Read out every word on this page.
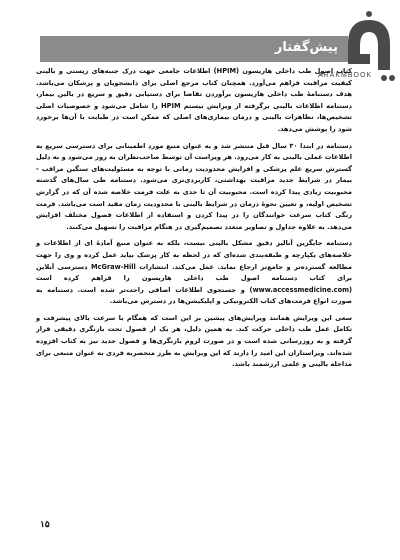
پیش‌گفتار
ARAKMBOOK

کتاب اصول طب داخلی هاریسون (HPIM) اطلاعات جامعی جهت درک جنبه‌های زیستی و بالینی کیفیت مراقبت فراهم می‌آورد. همچنان کتاب مرجع اصلی برای دانشجویان و پزشکان می‌باشد. هدف دستنامهٔ طب داخلی هاریسون برآوردن تقاضا برای دستیابی دقیق و سریع در بالین بیمار، دستنامه اطلاعات بالینی برگرفته از ویرایش بیستم HPIM را شامل می‌شود و خصوصیات اصلی تشخیص‌ها، تظاهرات بالینی و درمان بیماری‌های اصلی که ممکن است در طبابت با آن‌ها برخورد شود را پوشش می‌دهد.

دستنامه در ابتدا ۳۰ سال قبل منتشر شد و به عنوان منبع مورد اطمینانی برای دسترسی سریع به اطلاعات عملی بالینی به کار می‌رود. هر ویراست آن توسط صاحب‌نظران به روز می‌شود و به دلیل گسترش سریع علم پزشکی و افزایش محدودیت زمانی با توجه به مسئولیت‌های سنگین مراقب - بیمار در شرایط جدید مراقبت بهداشتی، کاربردی‌تری می‌شود. دستنامه طی سال‌های گذشته محبوبیت زیادی پیدا کرده است. محبوبیت آن تا حدی به علت فرمت خلاصه شده آن که در گزارش تشخیص اولیه، و تعیین نحوهٔ درمان در شرایط بالینی با محدودیت زمان مفید است می‌باشد. فرمت رنگی کتاب سرعت خوانندگان را در پیدا کردن و استفاده از اطلاعات فصول مختلف افزایش می‌دهد. به علاوه جداول و تصاویر متعدد تصمیم‌گیری در هنگام مراقبت را تسهیل می‌کنند.

دستنامه جایگزین آنالیز دقیق مشکل بالینی نیست، بلکه به عنوان منبع آمادهٔ ای از اطلاعات و خلاصه‌های یکپارچه و طبقه‌بندی شده‌ای که در لحظه به کار پزشک بیاید عمل کرده و وی را جهت مطالعه گسترده‌تر و جامع‌تر ارجاع نماید. عمل می‌کند. انتشارات McGraw-Hill دسترسی آنلاین برای کتاب دستنامه اصول طب داخلی هاریسون را فراهم کرده است (www.accessmedicine.com) و جستجوی اطلاعات اضافی راحت‌تر شده است. دستنامه به صورت انواع فرمت‌های کتاب الکترونیکی و اپلیکیشن‌ها در دسترس می‌باشد.

سعی این ویرایش همانند ویرایش‌های پیشین بر این است که همگام با سرعت بالای پیشرفت و تکامل عمل طب داخلی حرکت کند. به همین دلیل، هر یک از فصول تحت بازنگری دقیقی قرار گرفته و به روزرسانی شده است و در صورت لزوم بازنگری‌ها و فصول جدید نیز به کتاب افزوده شده‌اند. ویراستاران این امید را دارند که این ویرایش به طرز منحصربه فردی به عنوان منبعی برای مداخله بالینی و علمی ارزشمند باشد.

۱۵
